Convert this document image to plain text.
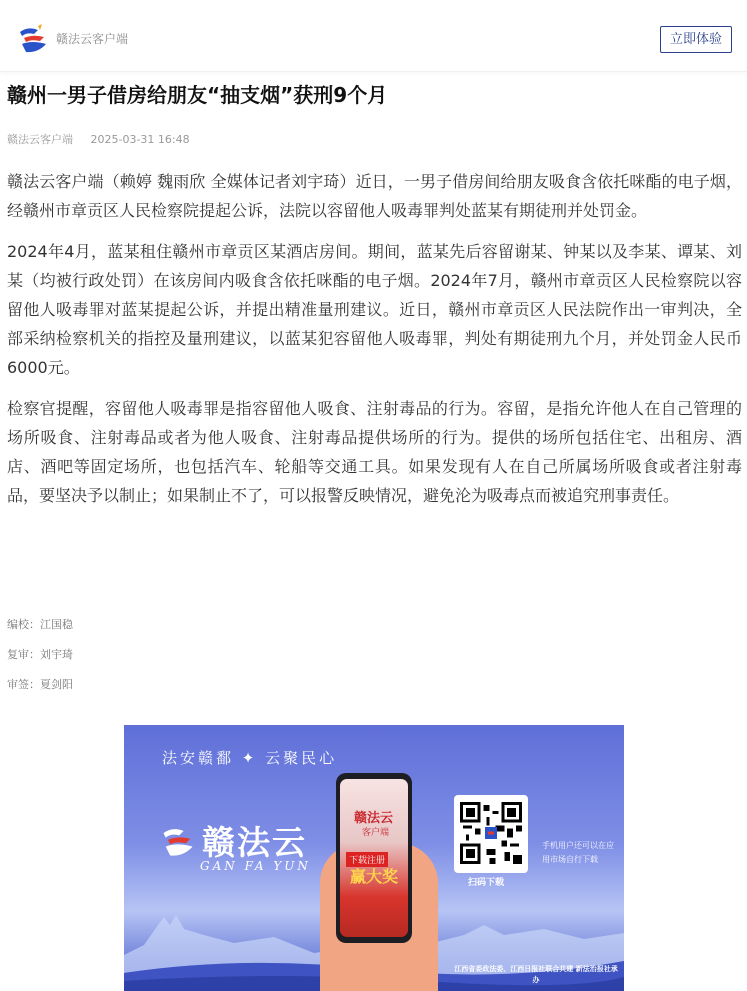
赣法云客户端	立即体验
赣州一男子借房给朋友“抽支烟”获刑9个月
赣法云客户端 2025-03-31 16:48

赣法云客户端（赖婷 魏雨欣 全媒体记者刘宇琦）近日，一男子借房间给朋友吸食含依托咪酯的电子烟，经赣州市章贡区人民检察院提起公诉，法院以容留他人吸毒罪判处蓝某有期徒刑并处罚金。

2024年4月，蓝某租住赣州市章贡区某酒店房间。期间，蓝某先后容留谢某、钟某以及李某、谭某、刘某（均被行政处罚）在该房间内吸食含依托咪酯的电子烟。2024年7月，赣州市章贡区人民检察院以容留他人吸毒罪对蓝某提起公诉，并提出精准量刑建议。近日，赣州市章贡区人民法院作出一审判决，全部采纳检察机关的指控及量刑建议，以蓝某犯容留他人吸毒罪，判处有期徒刑九个月，并处罚金人民币6000元。

检察官提醒，容留他人吸毒罪是指容留他人吸食、注射毒品的行为。容留，是指允许他人在自己管理的场所吸食、注射毒品或者为他人吸食、注射毒品提供场所的行为。提供的场所包括住宅、出租房、酒店、酒吧等固定场所，也包括汽车、轮船等交通工具。如果发现有人在自己所属场所吸食或者注射毒品，要坚决予以制止；如果制止不了，可以报警反映情况，避免沦为吸毒点而被追究刑事责任。

编校：江国稳
复审：刘宇琦
审签：夏剑阳
法安赣鄱 ✦ 云聚民心
赣法云
GAN FA YUN
赣法云
客户端
下载注册
赢大奖	扫码下载
手机用户还可以在应用市场自行下载
江西省委政法委、江西日报社联合共建 新法治报社承办
